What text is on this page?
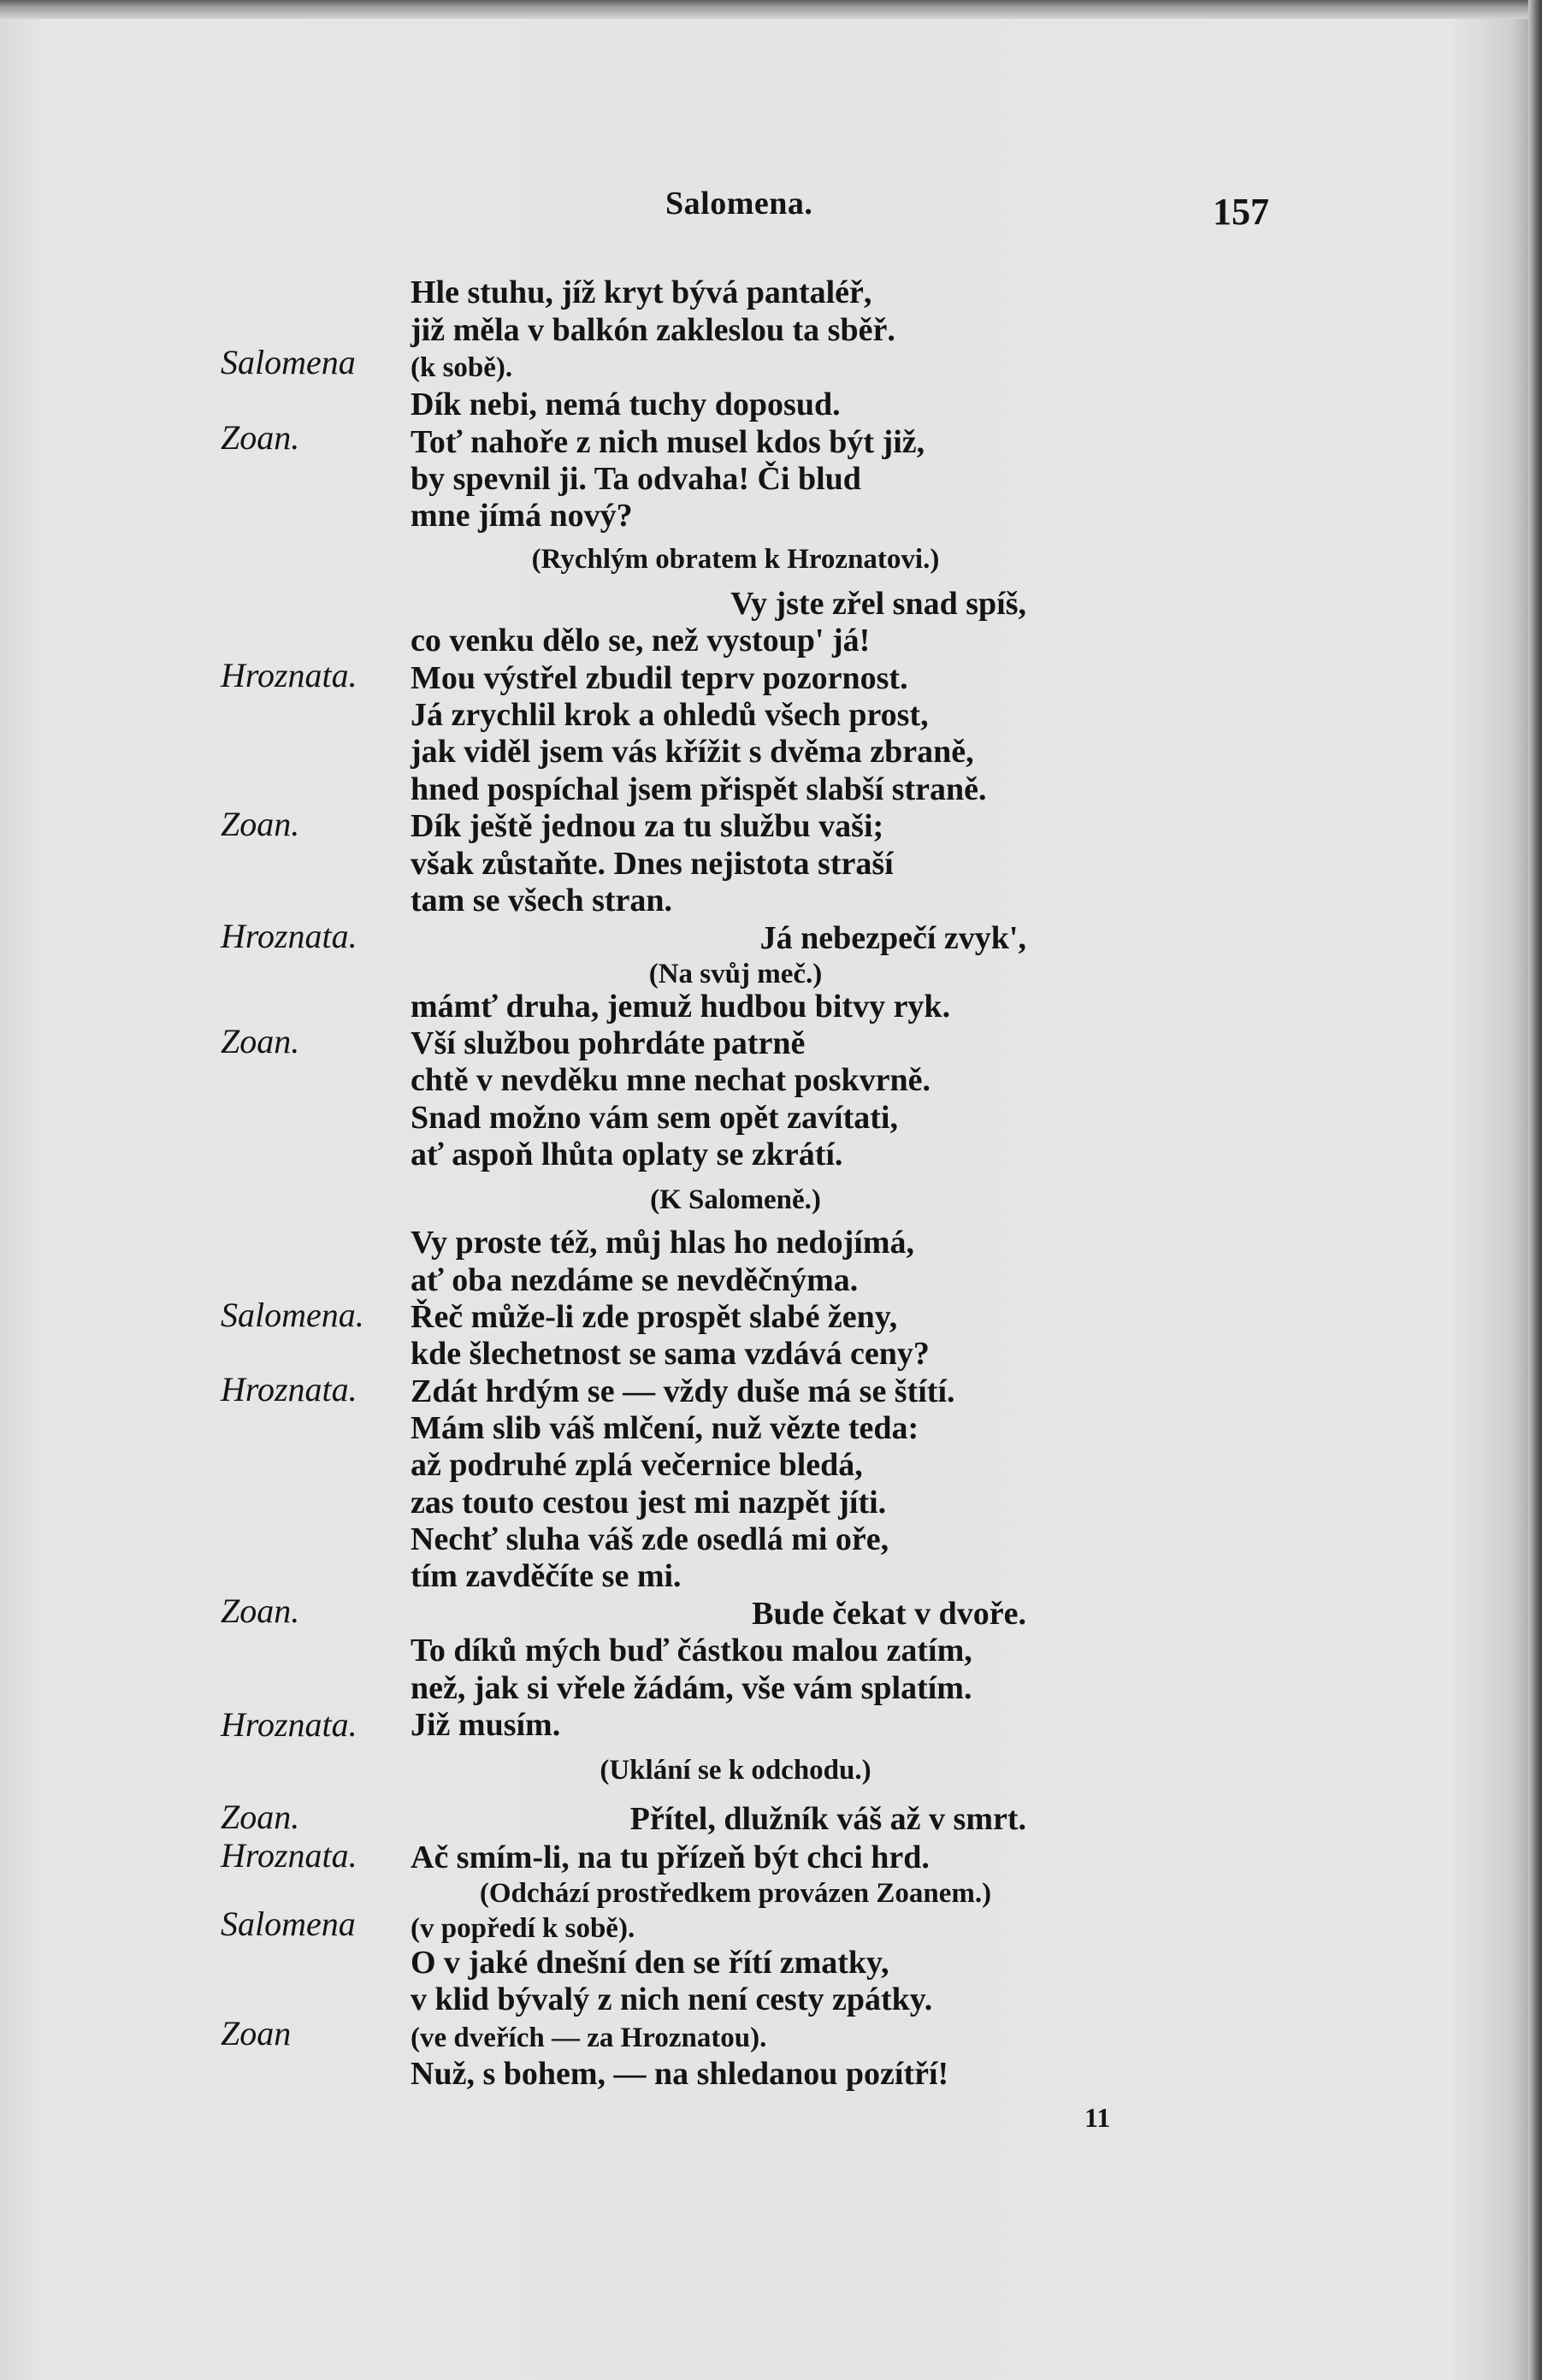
Salomena.	157
Salomena
Zoan.
Hroznata.
Zoan.
Hroznata.
Zoan.
Salomena.
Hroznata.
Zoan.
Hroznata.
Zoan.
Hroznata.
Salomena
Zoan
Hle stuhu, jíž kryt bývá pantaléř,
již měla v balkón zakleslou ta sběř.
(k sobě).
Dík nebi, nemá tuchy doposud.
Toť nahoře z nich musel kdos být již,
by spevnil ji. Ta odvaha! Či blud
mne jímá nový?
(Rychlým obratem k Hroznatovi.)
Vy jste zřel snad spíš,
co venku dělo se, než vystoup' já!
Mou výstřel zbudil teprv pozornost.
Já zrychlil krok a ohledů všech prost,
jak viděl jsem vás křížit s dvěma zbraně,
hned pospíchal jsem přispět slabší straně.
Dík ještě jednou za tu službu vaši;
však zůstaňte. Dnes nejistota straší
tam se všech stran.
Já nebezpečí zvyk',
(Na svůj meč.)
mámť druha, jemuž hudbou bitvy ryk.
Vší službou pohrdáte patrně
chtě v nevděku mne nechat poskvrně.
Snad možno vám sem opět zavítati,
ať aspoň lhůta oplaty se zkrátí.
(K Salomeně.)
Vy proste též, můj hlas ho nedojímá,
ať oba nezdáme se nevděčnýma.
Řeč může-li zde prospět slabé ženy,
kde šlechetnost se sama vzdává ceny?
Zdát hrdým se — vždy duše má se štítí.
Mám slib váš mlčení, nuž vězte teda:
až podruhé zplá večernice bledá,
zas touto cestou jest mi nazpět jíti.
Nechť sluha váš zde osedlá mi oře,
tím zavděčíte se mi.
Bude čekat v dvoře.
To díků mých buď částkou malou zatím,
než, jak si vřele žádám, vše vám splatím.
Již musím.
(Uklání se k odchodu.)
Přítel, dlužník váš až v smrt.
Ač smím-li, na tu přízeň být chci hrd.
(Odchází prostředkem provázen Zoanem.)
(v popředí k sobě).
O v jaké dnešní den se řítí zmatky,
v klid bývalý z nich není cesty zpátky.
(ve dveřích — za Hroznatou).
Nuž, s bohem, — na shledanou pozítří!
11
